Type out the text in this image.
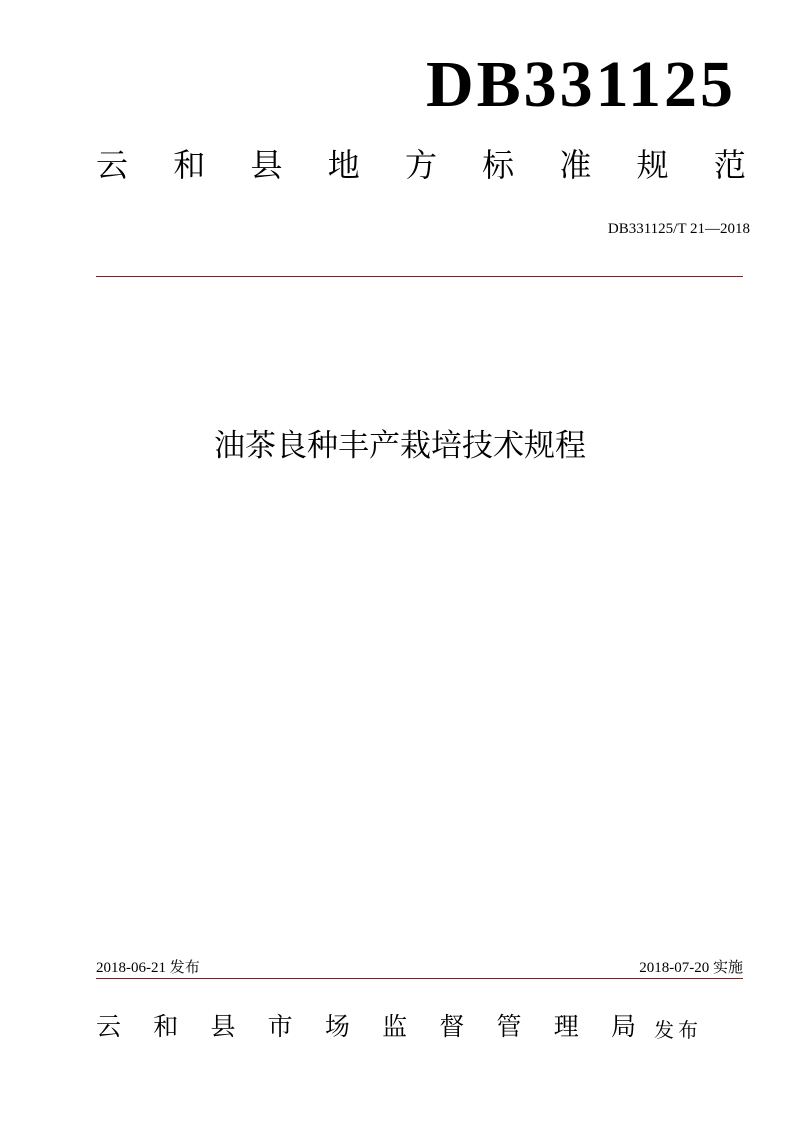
DB331125
云 和 县 地 方 标 准 规 范
DB331125/T 21—2018
油茶良种丰产栽培技术规程
2018-06-21 发布	2018-07-20 实施
云 和 县 市 场 监 督 管 理 局 发布
